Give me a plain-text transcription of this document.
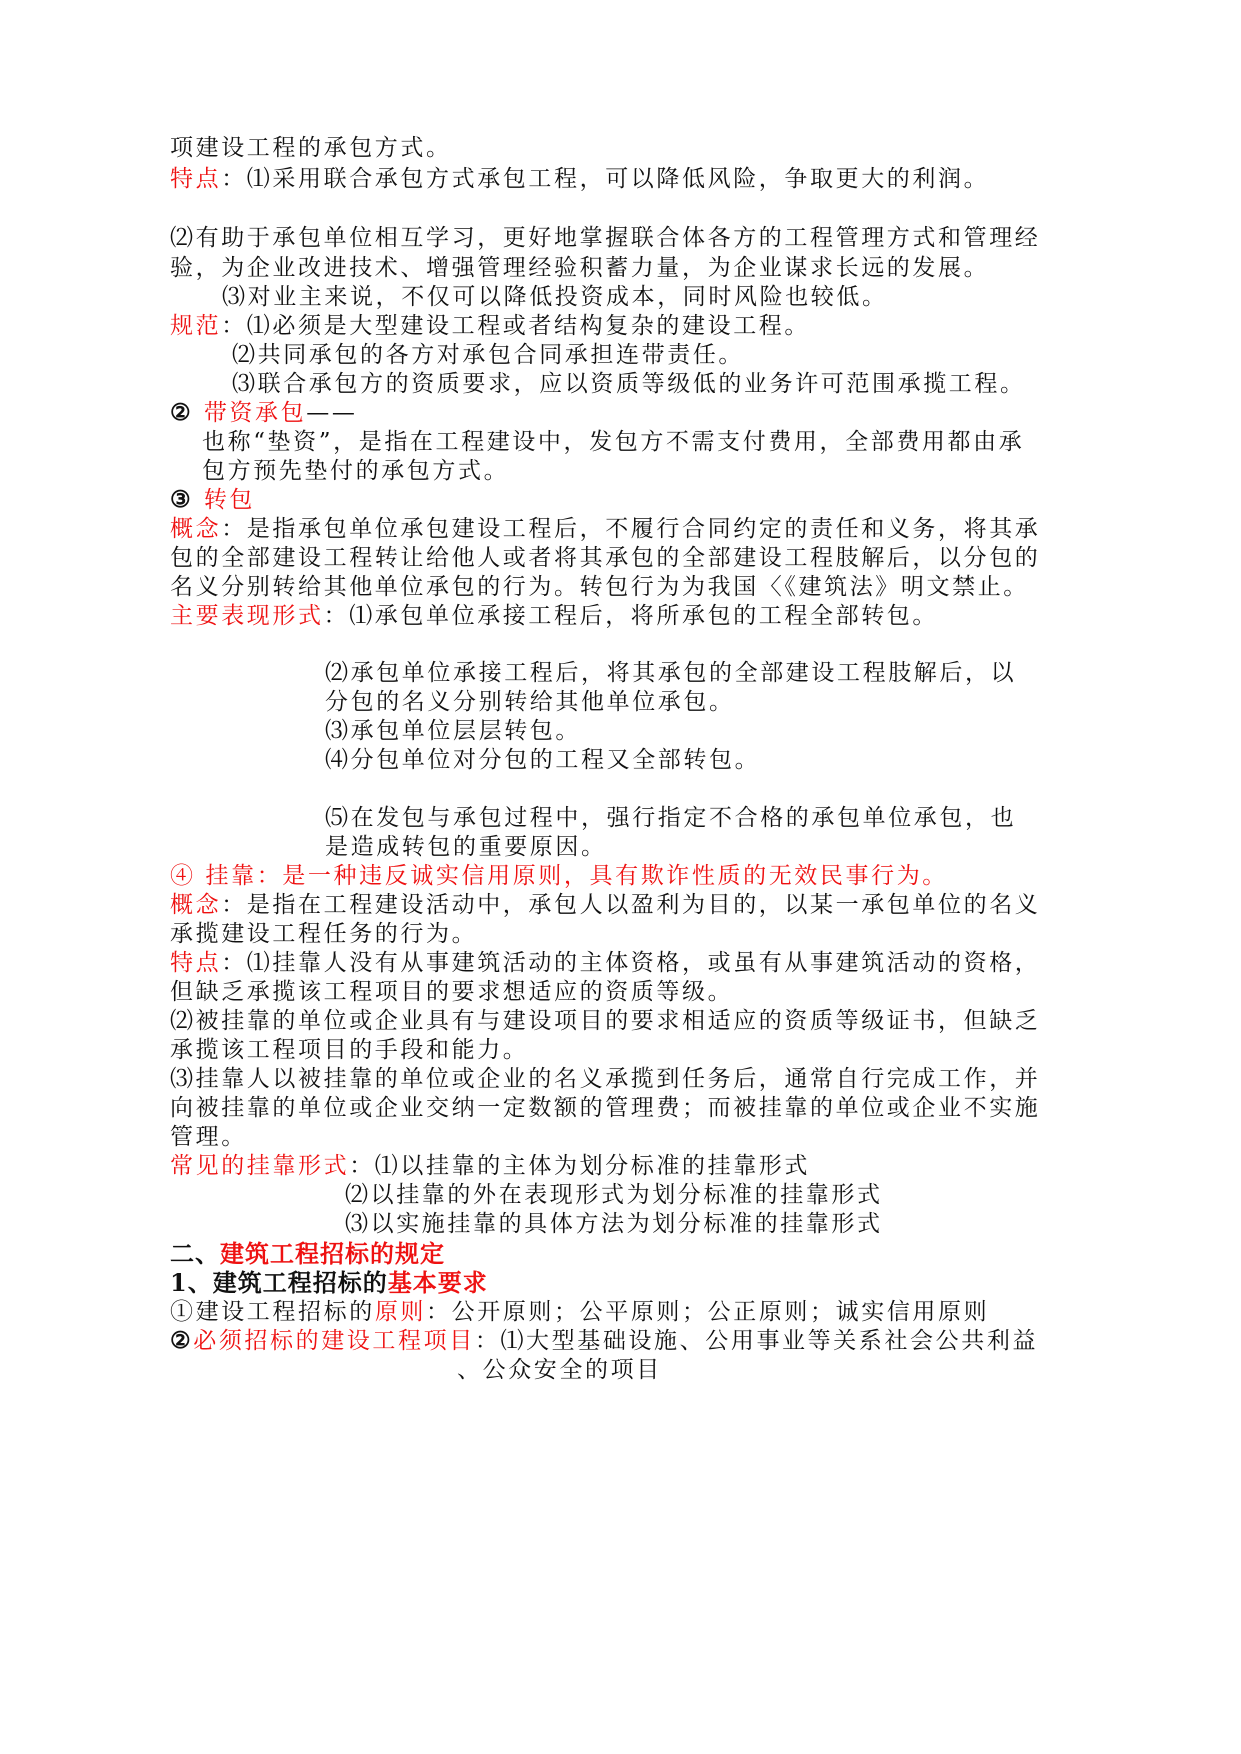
项建设工程的承包方式。
特点：⑴采用联合承包方式承包工程，可以降低风险，争取更大的利润。
⑵有助于承包单位相互学习，更好地掌握联合体各方的工程管理方式和管理经
验，为企业改进技术、增强管理经验积蓄力量，为企业谋求长远的发展。
⑶对业主来说，不仅可以降低投资成本，同时风险也较低。
规范：⑴必须是大型建设工程或者结构复杂的建设工程。
⑵共同承包的各方对承包合同承担连带责任。
⑶联合承包方的资质要求，应以资质等级低的业务许可范围承揽工程。
② 带资承包——
也称“垫资”，是指在工程建设中，发包方不需支付费用，全部费用都由承
包方预先垫付的承包方式。
③ 转包
概念：是指承包单位承包建设工程后，不履行合同约定的责任和义务，将其承
包的全部建设工程转让给他人或者将其承包的全部建设工程肢解后，以分包的
名义分别转给其他单位承包的行为。转包行为为我国〈《建筑法》明文禁止。
主要表现形式：⑴承包单位承接工程后，将所承包的工程全部转包。
⑵承包单位承接工程后，将其承包的全部建设工程肢解后，以
分包的名义分别转给其他单位承包。
⑶承包单位层层转包。
⑷分包单位对分包的工程又全部转包。
⑸在发包与承包过程中，强行指定不合格的承包单位承包，也
是造成转包的重要原因。
④ 挂靠：是一种违反诚实信用原则，具有欺诈性质的无效民事行为。
概念：是指在工程建设活动中，承包人以盈利为目的，以某一承包单位的名义
承揽建设工程任务的行为。
特点：⑴挂靠人没有从事建筑活动的主体资格，或虽有从事建筑活动的资格，
但缺乏承揽该工程项目的要求想适应的资质等级。
⑵被挂靠的单位或企业具有与建设项目的要求相适应的资质等级证书，但缺乏
承揽该工程项目的手段和能力。
⑶挂靠人以被挂靠的单位或企业的名义承揽到任务后，通常自行完成工作，并
向被挂靠的单位或企业交纳一定数额的管理费；而被挂靠的单位或企业不实施
管理。
常见的挂靠形式：⑴以挂靠的主体为划分标准的挂靠形式
⑵以挂靠的外在表现形式为划分标准的挂靠形式
⑶以实施挂靠的具体方法为划分标准的挂靠形式
二、建筑工程招标的规定
1、建筑工程招标的基本要求
①建设工程招标的原则：公开原则；公平原则；公正原则；诚实信用原则
②必须招标的建设工程项目：⑴大型基础设施、公用事业等关系社会公共利益
、公众安全的项目
